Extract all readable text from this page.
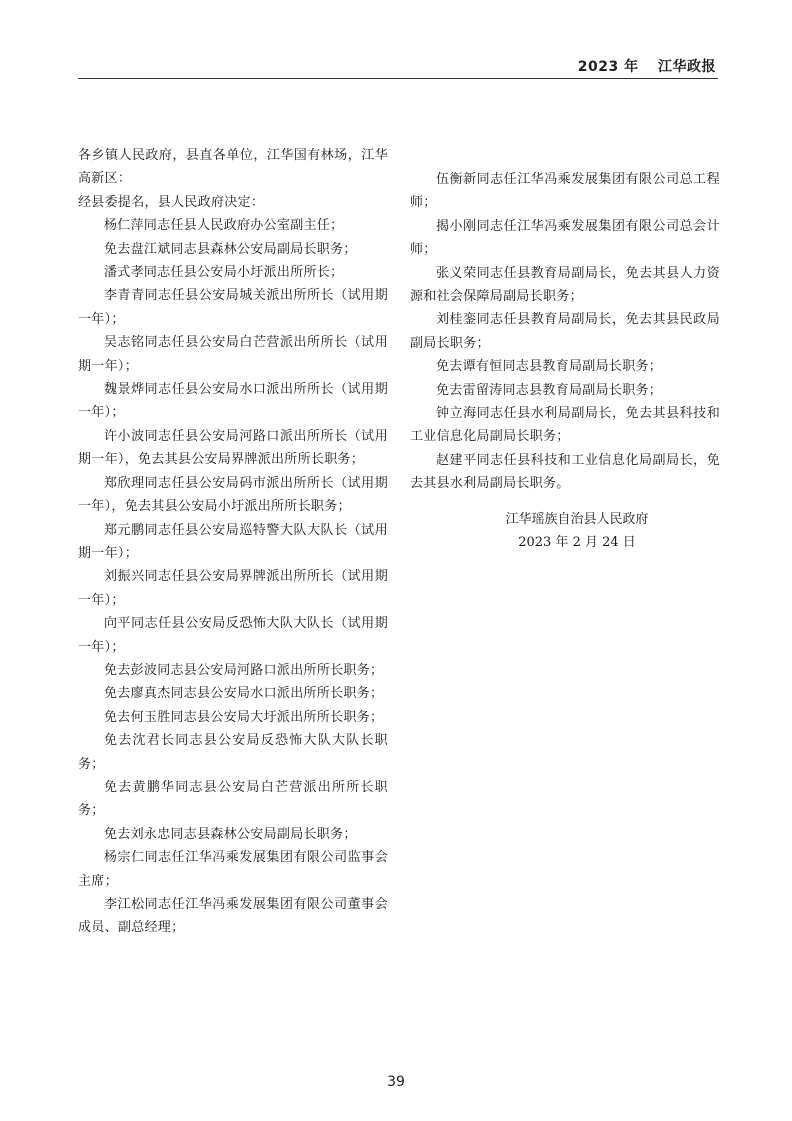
2023 年 江华政报

各乡镇人民政府，县直各单位，江华国有林场，江华高新区：

经县委提名，县人民政府决定：

杨仁萍同志任县人民政府办公室副主任；

免去盘江斌同志县森林公安局副局长职务；

潘式孝同志任县公安局小圩派出所所长；

李青青同志任县公安局城关派出所所长（试用期一年）；

吴志铭同志任县公安局白芒营派出所所长（试用期一年）；

魏景烨同志任县公安局水口派出所所长（试用期一年）；

许小波同志任县公安局河路口派出所所长（试用期一年），免去其县公安局界牌派出所所长职务；

郑欣理同志任县公安局码市派出所所长（试用期一年），免去其县公安局小圩派出所所长职务；

郑元鹏同志任县公安局巡特警大队大队长（试用期一年）；

刘振兴同志任县公安局界牌派出所所长（试用期一年）；

向平同志任县公安局反恐怖大队大队长（试用期一年）；

免去彭波同志县公安局河路口派出所所长职务；

免去廖真杰同志县公安局水口派出所所长职务；

免去何玉胜同志县公安局大圩派出所所长职务；

免去沈君长同志县公安局反恐怖大队大队长职务；

免去黄鹏华同志县公安局白芒营派出所所长职务；

免去刘永忠同志县森林公安局副局长职务；

杨宗仁同志任江华冯乘发展集团有限公司监事会主席；

李江松同志任江华冯乘发展集团有限公司董事会成员、副总经理；

伍衡新同志任江华冯乘发展集团有限公司总工程师；

揭小刚同志任江华冯乘发展集团有限公司总会计师；

张义荣同志任县教育局副局长，免去其县人力资源和社会保障局副局长职务；

刘桂銮同志任县教育局副局长，免去其县民政局副局长职务；

免去谭有恒同志县教育局副局长职务；

免去雷留涛同志县教育局副局长职务；

钟立海同志任县水利局副局长，免去其县科技和工业信息化局副局长职务；

赵建平同志任县科技和工业信息化局副局长，免去其县水利局副局长职务。

江华瑶族自治县人民政府
2023 年 2 月 24 日
39
